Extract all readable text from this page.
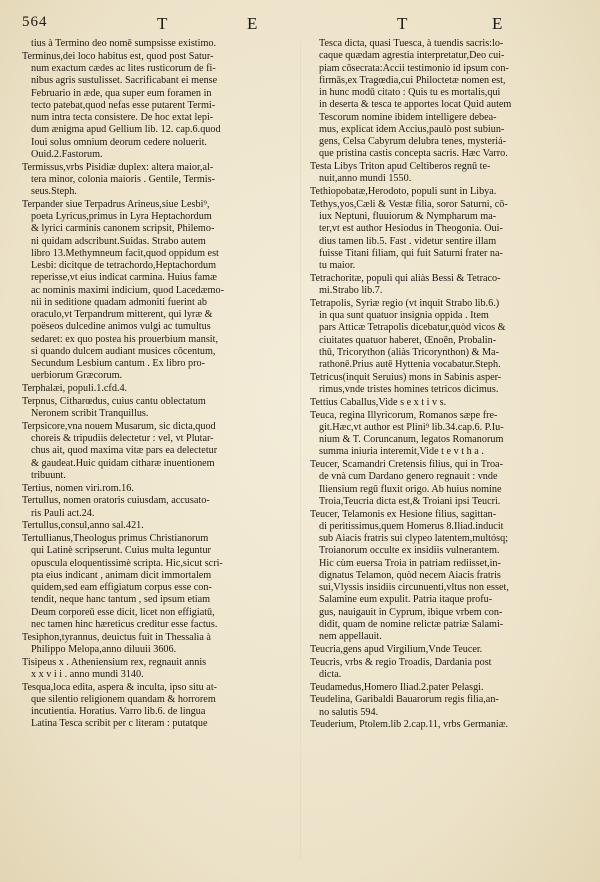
564	T	E	T	E

tius à Termino deo nomē sumpsisse existimo.

Terminus,dei loco habitus est, quod post Satur-
num exactum cædes ac lites rusticorum de fi-
nibus agris sustulisset. Sacrificabant ei mense
Februario in æde, qua super eum foramen in
tecto patebat,quod nefas esse putarent Termi-
num intra tecta consistere. De hoc extat lepi-
dum ænigma apud Gellium lib. 12. cap.6.quod
Ioui solus omnium deorum cedere noluerit.
Ouid.2.Fastorum.

Termissus,vrbs Pisidiæ duplex: altera maior,al-
tera minor, colonia maioris . Gentile, Termis-
seus.Steph.

Terpander siue Terpadrus Arineus,siue Lesbi⁹,
poeta Lyricus,primus in Lyra Heptachordum
& lyrici carminis canonem scripsit, Philemo-
ni quidam adscribunt.Suidas. Strabo autem
libro 13.Methymneum facit,quod oppidum est
Lesbi: dicitque de tetrachordo,Heptachordum
reperisse,vt eius indicat carmina. Huius famæ
ac nominis maximi indicium, quod Lacedæmo-
nii in seditione quadam admoniti fuerint ab
oraculo,vt Terpandrum mitterent, qui lyræ &
poëseos dulcedine animos vulgi ac tumultus
sedaret: ex quo postea his prouerbium mansit,
si quando dulcem audiant musices cōcentum,
Secundum Lesbium cantum . Ex libro pro-
uerbiorum Græcorum.

Terphalæi, populi.1.cfd.4.

Terpnus, Citharœdus, cuius cantu oblectatum
Neronem scribit Tranquillus.

Terpsicore,vna nouem Musarum, sic dicta,quod
choreis & tripudiis delectetur : vel, vt Plutar-
chus ait, quod maxima vitæ pars ea delectetur
& gaudeat.Huic quidam citharæ inuentionem
tribuunt.

Tertius, nomen viri.rom.16.

Tertullus, nomen oratoris cuiusdam, accusato-
ris Pauli act.24.

Tertullus,consul,anno sal.421.

Tertullianus,Theologus primus Christianorum
qui Latinè scripserunt. Cuius multa leguntur
opuscula eloquentissimè scripta. Hic,sicut scri-
pta eius indicant , animam dicit immortalem
quidem,sed eam effigiatum corpus esse con-
tendit, neque hanc tantum , sed ipsum etiam
Deum corporeū esse dicit, licet non effigiatū,
nec tamen hinc hæreticus creditur esse factus.

Tesiphon,tyrannus, deuictus fuit in Thessalia à
Philippo Melopa,anno diluuii 3606.

Tisipeus x . Atheniensium rex, regnauit annis
x x v i i . anno mundi 3140.

Tesqua,loca edita, aspera & inculta, ipso situ at-
que silentio religionem quandam & horrorem
incutientia. Horatius. Varro lib.6. de lingua
Latina Tesca scribit per c literam : putatque

Tesca dicta, quasi Tuesca, à tuendis sacris:lo-
caque quædam agrestia interpretatur,Deo cui-
piam cōsecrata:Accii testimonio id ipsum con-
firmās,ex Tragœdia,cui Philoctetæ nomen est,
in hunc modū citato : Quis tu es mortalis,qui
in deserta & tesca te apportes locat Quid autem
Tescorum nomine ibidem intelligere debea-
mus, explicat idem Accius,paulò post subiun-
gens, Celsa Cabyrum delubra tenes, mysteriá-
que pristina castis concepta sacris. Hæc Varro.

Testa Libys Triton apud Celtiberos regnū te-
nuit,anno mundi 1550.

Tethiopobatæ,Herodoto, populi sunt in Libya.

Tethys,yos,Cæli & Vestæ filia, soror Saturni, cō-
iux Neptuni, fluuiorum & Nympharum ma-
ter,vt est author Hesiodus in Theogonia. Oui-
dius tamen lib.5. Fast . videtur sentire illam
fuisse Titani filiam, qui fuit Saturni frater na-
tu maior.

Tetrachoritæ, populi qui aliàs Bessi & Tetraco-
mi.Strabo lib.7.

Tetrapolis, Syriæ regio (vt inquit Strabo lib.6.)
in qua sunt quatuor insignia oppida . Item
pars Atticæ Tetrapolis dicebatur,quòd vicos &
ciuitates quatuor haberet, Œnoēn, Probalin-
thū, Tricorython (aliàs Tricorynthon) & Ma-
rathonē.Prius autē Hyttenia vocabatur.Steph.

Tetricus(inquit Seruius) mons in Sabinis asper-
rimus,vnde tristes homines tetricos dicimus.

Tettius Caballus,Vide s e x t i v s.

Teuca, regina Illyricorum, Romanos sæpe fre-
git.Hæc,vt author est Plini⁹ lib.34.cap.6. P.Iu-
nium & T. Coruncanum, legatos Romanorum
summa iniuria interemit,Vide t e v t h a .

Teucer, Scamandri Cretensis filius, qui in Troa-
de vnà cum Dardano genero regnauit : vnde
Iliensium regū fluxit origo. Ab huius nomine
Troia,Teucria dicta est,& Troiani ipsi Teucri.

Teucer, Telamonis ex Hesione filius, sagittan-
di peritissimus,quem Homerus 8.Iliad.inducit
sub Aiacis fratris sui clypeo latentem,multósq;
Troianorum occulte ex insidiis vulnerantem.
Hic cùm euersa Troia in patriam rediisset,in-
dignatus Telamon, quòd necem Aiacis fratris
sui,Vlyssis insidiis circunuenti,vltus non esset,
Salamine eum expulit. Patria itaque profu-
gus, nauigauit in Cyprum, ibique vrbem con-
didit, quam de nomine relictæ patriæ Salami-
nem appellauit.

Teucria,gens apud Virgilium,Vnde Teucer.

Teucris, vrbs & regio Troadis, Dardania post
dicta.

Teudamedus,Homero Iliad.2.pater Pelasgi.

Teudelina, Garibaldi Bauarorum regis filia,an-
no salutis 594.

Teuderium, Ptolem.lib 2.cap.11, vrbs Germaniæ.
